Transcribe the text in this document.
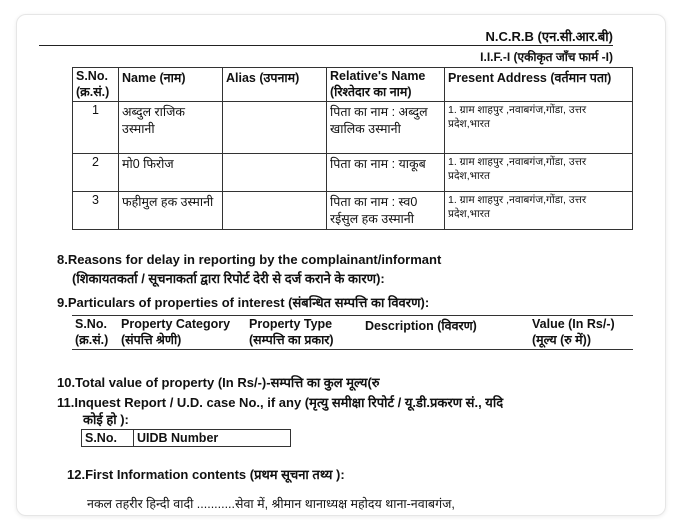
N.C.R.B (एन.सी.आर.बी)
I.I.F.-I (एकीकृत जाँच फार्म -I)
S.No. (क्र.सं.)	Name (नाम)	Alias (उपनाम)	Relative's Name (रिश्तेदार का नाम)	Present Address (वर्तमान पता)
1	अब्दुल राजिक उस्मानी		पिता का नाम : अब्दुल खालिक उस्मानी	1. ग्राम शाहपुर ,नवाबगंज,गोंडा, उत्तर प्रदेश,भारत
2	मो0 फिरोज		पिता का नाम : याकूब	1. ग्राम शाहपुर ,नवाबगंज,गोंडा, उत्तर प्रदेश,भारत
3	फहीमुल हक उस्मानी		पिता का नाम : स्व0 रईसुल हक उस्मानी	1. ग्राम शाहपुर ,नवाबगंज,गोंडा, उत्तर प्रदेश,भारत
8.Reasons for delay in reporting by the complainant/informant
(शिकायतकर्ता / सूचनाकर्ता द्वारा रिपोर्ट देरी से दर्ज कराने के कारण):
9.Particulars of properties of interest (संबन्धित सम्पत्ति का विवरण):
S.No. (क्र.सं.)	Property Category (संपत्ति श्रेणी)	Property Type (सम्पत्ति का प्रकार)	Description (विवरण)	Value (In Rs/-) (मूल्य (रु में))
10.Total value of property (In Rs/-)-सम्पत्ति का कुल मूल्य(रु
11.Inquest Report / U.D. case No., if any (मृत्यु समीक्षा रिपोर्ट / यू.डी.प्रकरण सं., यदि
कोई हो ):
S.No.	UIDB Number
12.First Information contents (प्रथम सूचना तथ्य ):
नकल तहरीर हिन्दी वादी ...........सेवा में, श्रीमान थानाध्यक्ष महोदय थाना-नवाबगंज,
